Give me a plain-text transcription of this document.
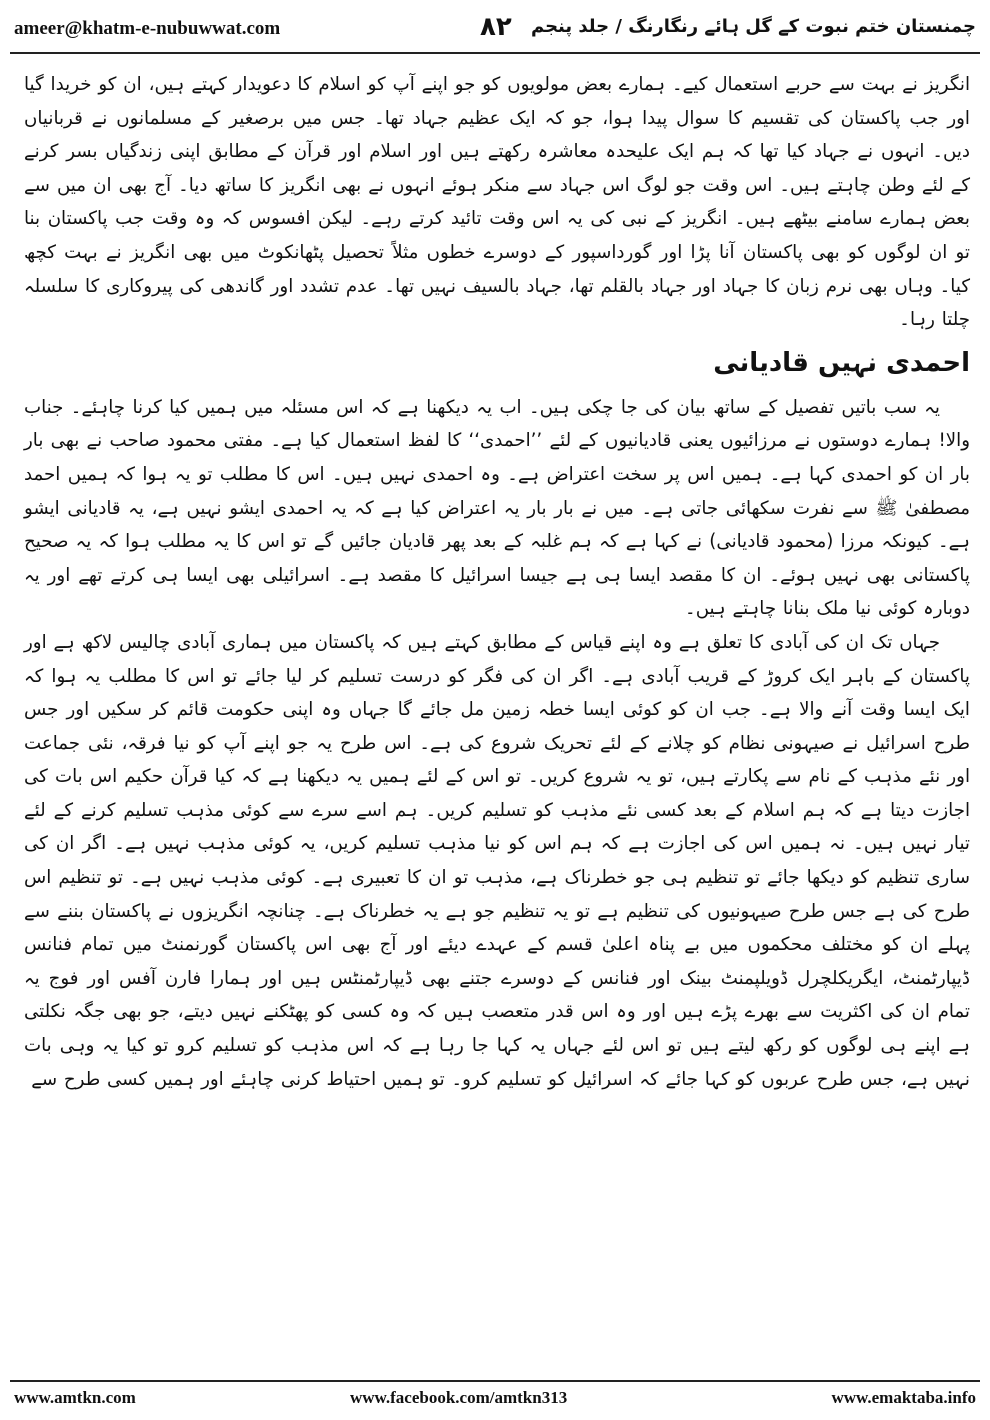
ameer@khatm-e-nubuwwat.com	۸۲ چمنستان ختم نبوت کے گل ہائے رنگارنگ / جلد پنجم

انگریز نے بہت سے حربے استعمال کیے۔ ہمارے بعض مولویوں کو جو اپنے آپ کو اسلام کا دعویدار کہتے ہیں، ان کو خریدا گیا اور جب پاکستان کی تقسیم کا سوال پیدا ہوا، جو کہ ایک عظیم جہاد تھا۔ جس میں برصغیر کے مسلمانوں نے قربانیاں دیں۔ انہوں نے جہاد کیا تھا کہ ہم ایک علیحدہ معاشرہ رکھتے ہیں اور اسلام اور قرآن کے مطابق اپنی زندگیاں بسر کرنے کے لئے وطن چاہتے ہیں۔ اس وقت جو لوگ اس جہاد سے منکر ہوئے انہوں نے بھی انگریز کا ساتھ دیا۔ آج بھی ان میں سے بعض ہمارے سامنے بیٹھے ہیں۔ انگریز کے نبی کی یہ اس وقت تائید کرتے رہے۔ لیکن افسوس کہ وہ وقت جب پاکستان بنا تو ان لوگوں کو بھی پاکستان آنا پڑا اور گورداسپور کے دوسرے خطوں مثلاً تحصیل پٹھانکوٹ میں بھی انگریز نے بہت کچھ کیا۔ وہاں بھی نرم زبان کا جہاد اور جہاد بالقلم تھا، جہاد بالسیف نہیں تھا۔ عدم تشدد اور گاندھی کی پیروکاری کا سلسلہ چلتا رہا۔

احمدی نہیں قادیانی

یہ سب باتیں تفصیل کے ساتھ بیان کی جا چکی ہیں۔ اب یہ دیکھنا ہے کہ اس مسئلہ میں ہمیں کیا کرنا چاہئے۔ جناب والا! ہمارے دوستوں نے مرزائیوں یعنی قادیانیوں کے لئے ’’احمدی‘‘ کا لفظ استعمال کیا ہے۔ مفتی محمود صاحب نے بھی بار بار ان کو احمدی کہا ہے۔ ہمیں اس پر سخت اعتراض ہے۔ وہ احمدی نہیں ہیں۔ اس کا مطلب تو یہ ہوا کہ ہمیں احمد مصطفیٰ ﷺ سے نفرت سکھائی جاتی ہے۔ میں نے بار بار یہ اعتراض کیا ہے کہ یہ احمدی ایشو نہیں ہے، یہ قادیانی ایشو ہے۔ کیونکہ مرزا (محمود قادیانی) نے کہا ہے کہ ہم غلبہ کے بعد پھر قادیان جائیں گے تو اس کا یہ مطلب ہوا کہ یہ صحیح پاکستانی بھی نہیں ہوئے۔ ان کا مقصد ایسا ہی ہے جیسا اسرائیل کا مقصد ہے۔ اسرائیلی بھی ایسا ہی کرتے تھے اور یہ دوبارہ کوئی نیا ملک بنانا چاہتے ہیں۔

جہاں تک ان کی آبادی کا تعلق ہے وہ اپنے قیاس کے مطابق کہتے ہیں کہ پاکستان میں ہماری آبادی چالیس لاکھ ہے اور پاکستان کے باہر ایک کروڑ کے قریب آبادی ہے۔ اگر ان کی فگر کو درست تسلیم کر لیا جائے تو اس کا مطلب یہ ہوا کہ ایک ایسا وقت آنے والا ہے۔ جب ان کو کوئی ایسا خطہ زمین مل جائے گا جہاں وہ اپنی حکومت قائم کر سکیں اور جس طرح اسرائیل نے صیہونی نظام کو چلانے کے لئے تحریک شروع کی ہے۔ اس طرح یہ جو اپنے آپ کو نیا فرقہ، نئی جماعت اور نئے مذہب کے نام سے پکارتے ہیں، تو یہ شروع کریں۔ تو اس کے لئے ہمیں یہ دیکھنا ہے کہ کیا قرآن حکیم اس بات کی اجازت دیتا ہے کہ ہم اسلام کے بعد کسی نئے مذہب کو تسلیم کریں۔ ہم اسے سرے سے کوئی مذہب تسلیم کرنے کے لئے تیار نہیں ہیں۔ نہ ہمیں اس کی اجازت ہے کہ ہم اس کو نیا مذہب تسلیم کریں، یہ کوئی مذہب نہیں ہے۔ اگر ان کی ساری تنظیم کو دیکھا جائے تو تنظیم ہی جو خطرناک ہے، مذہب تو ان کا تعبیری ہے۔ کوئی مذہب نہیں ہے۔ تو تنظیم اس طرح کی ہے جس طرح صیہونیوں کی تنظیم ہے تو یہ تنظیم جو ہے یہ خطرناک ہے۔ چنانچہ انگریزوں نے پاکستان بننے سے پہلے ان کو مختلف محکموں میں بے پناہ اعلیٰ قسم کے عہدے دیئے اور آج بھی اس پاکستان گورنمنٹ میں تمام فنانس ڈیپارٹمنٹ، ایگریکلچرل ڈویلپمنٹ بینک اور فنانس کے دوسرے جتنے بھی ڈیپارٹمنٹس ہیں اور ہمارا فارن آفس اور فوج یہ تمام ان کی اکثریت سے بھرے پڑے ہیں اور وہ اس قدر متعصب ہیں کہ وہ کسی کو پھٹکنے نہیں دیتے، جو بھی جگہ نکلتی ہے اپنے ہی لوگوں کو رکھ لیتے ہیں تو اس لئے جہاں یہ کہا جا رہا ہے کہ اس مذہب کو تسلیم کرو تو کیا یہ وہی بات نہیں ہے، جس طرح عربوں کو کہا جائے کہ اسرائیل کو تسلیم کرو۔ تو ہمیں احتیاط کرنی چاہئے اور ہمیں کسی طرح سے

www.amtkn.com	www.facebook.com/amtkn313	www.emaktaba.info
